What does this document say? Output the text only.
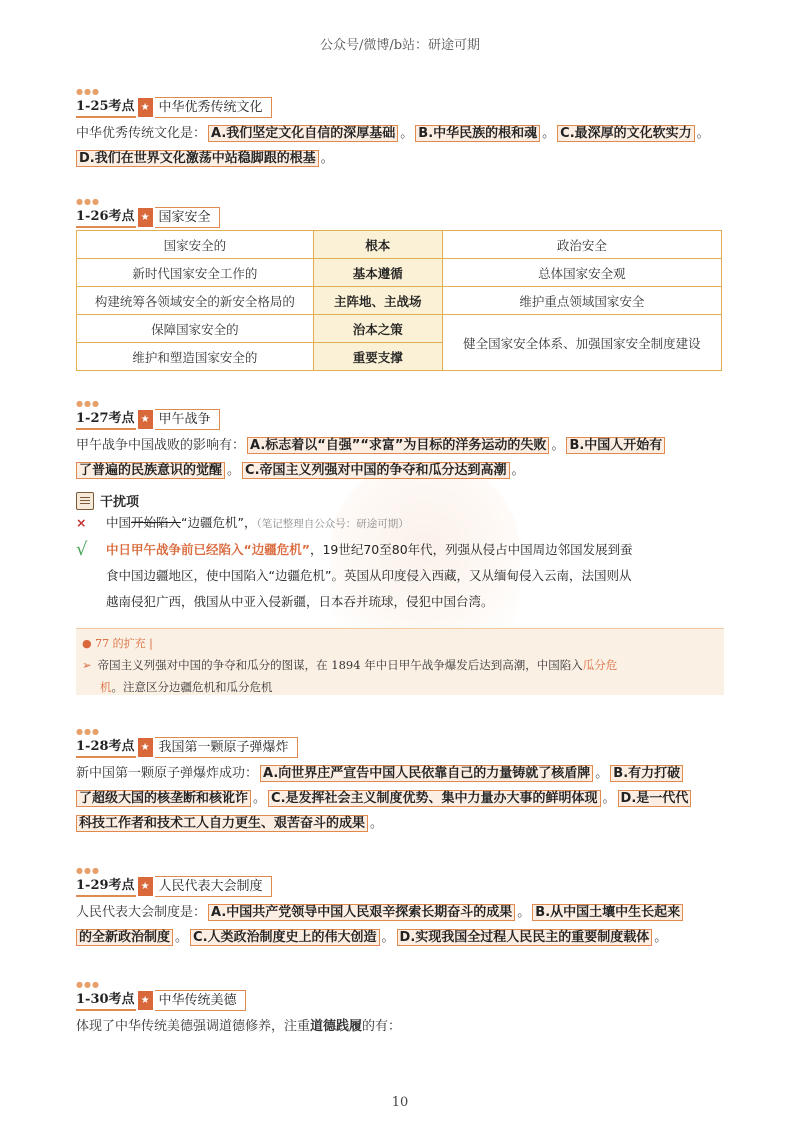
公众号/微博/b站：研途可期
●●●
1-25考点 ★ 中华优秀传统文化
中华优秀传统文化是： A.我们坚定文化自信的深厚基础 。 B.中华民族的根和魂 。 C.最深厚的文化软实力 。
D.我们在世界文化激荡中站稳脚跟的根基 。
●●●
1-26考点 ★ 国家安全
国家安全的	根本	政治安全
新时代国家安全工作的	基本遵循	总体国家安全观
构建统筹各领域安全的新安全格局的	主阵地、主战场	维护重点领域国家安全
保障国家安全的	治本之策	健全国家安全体系、加强国家安全制度建设
维护和塑造国家安全的	重要支撑	
●●●
1-27考点 ★ 甲午战争
甲午战争中国战败的影响有： A.标志着以“自强”“求富”为目标的洋务运动的失败 。 B.中国人开始有
了普遍的民族意识的觉醒 。 C.帝国主义列强对中国的争夺和瓜分达到高潮 。
干扰项
×	中国开始陷入“边疆危机”，（笔记整理自公众号：研途可期）
√	中日甲午战争前已经陷入“边疆危机”，19世纪70至80年代，列强从侵占中国周边邻国发展到蚕
食中国边疆地区，使中国陷入“边疆危机”。英国从印度侵入西藏，又从缅甸侵入云南，法国则从
越南侵犯广西，俄国从中亚入侵新疆，日本吞并琉球，侵犯中国台湾。
● 77 的扩充 |
➢ 帝国主义列强对中国的争夺和瓜分的图谋，在 1894 年中日甲午战争爆发后达到高潮，中国陷入瓜分危
机。注意区分边疆危机和瓜分危机
●●●
1-28考点 ★ 我国第一颗原子弹爆炸
新中国第一颗原子弹爆炸成功： A.向世界庄严宣告中国人民依靠自己的力量铸就了核盾牌 。 B.有力打破
了超级大国的核垄断和核讹诈 。 C.是发挥社会主义制度优势、集中力量办大事的鲜明体现 。 D.是一代代
科技工作者和技术工人自力更生、艰苦奋斗的成果 。
●●●
1-29考点 ★ 人民代表大会制度
人民代表大会制度是： A.中国共产党领导中国人民艰辛探索长期奋斗的成果 。 B.从中国土壤中生长起来
的全新政治制度 。 C.人类政治制度史上的伟大创造 。 D.实现我国全过程人民民主的重要制度载体 。
●●●
1-30考点 ★ 中华传统美德
体现了中华传统美德强调道德修养，注重道德践履的有：
10
